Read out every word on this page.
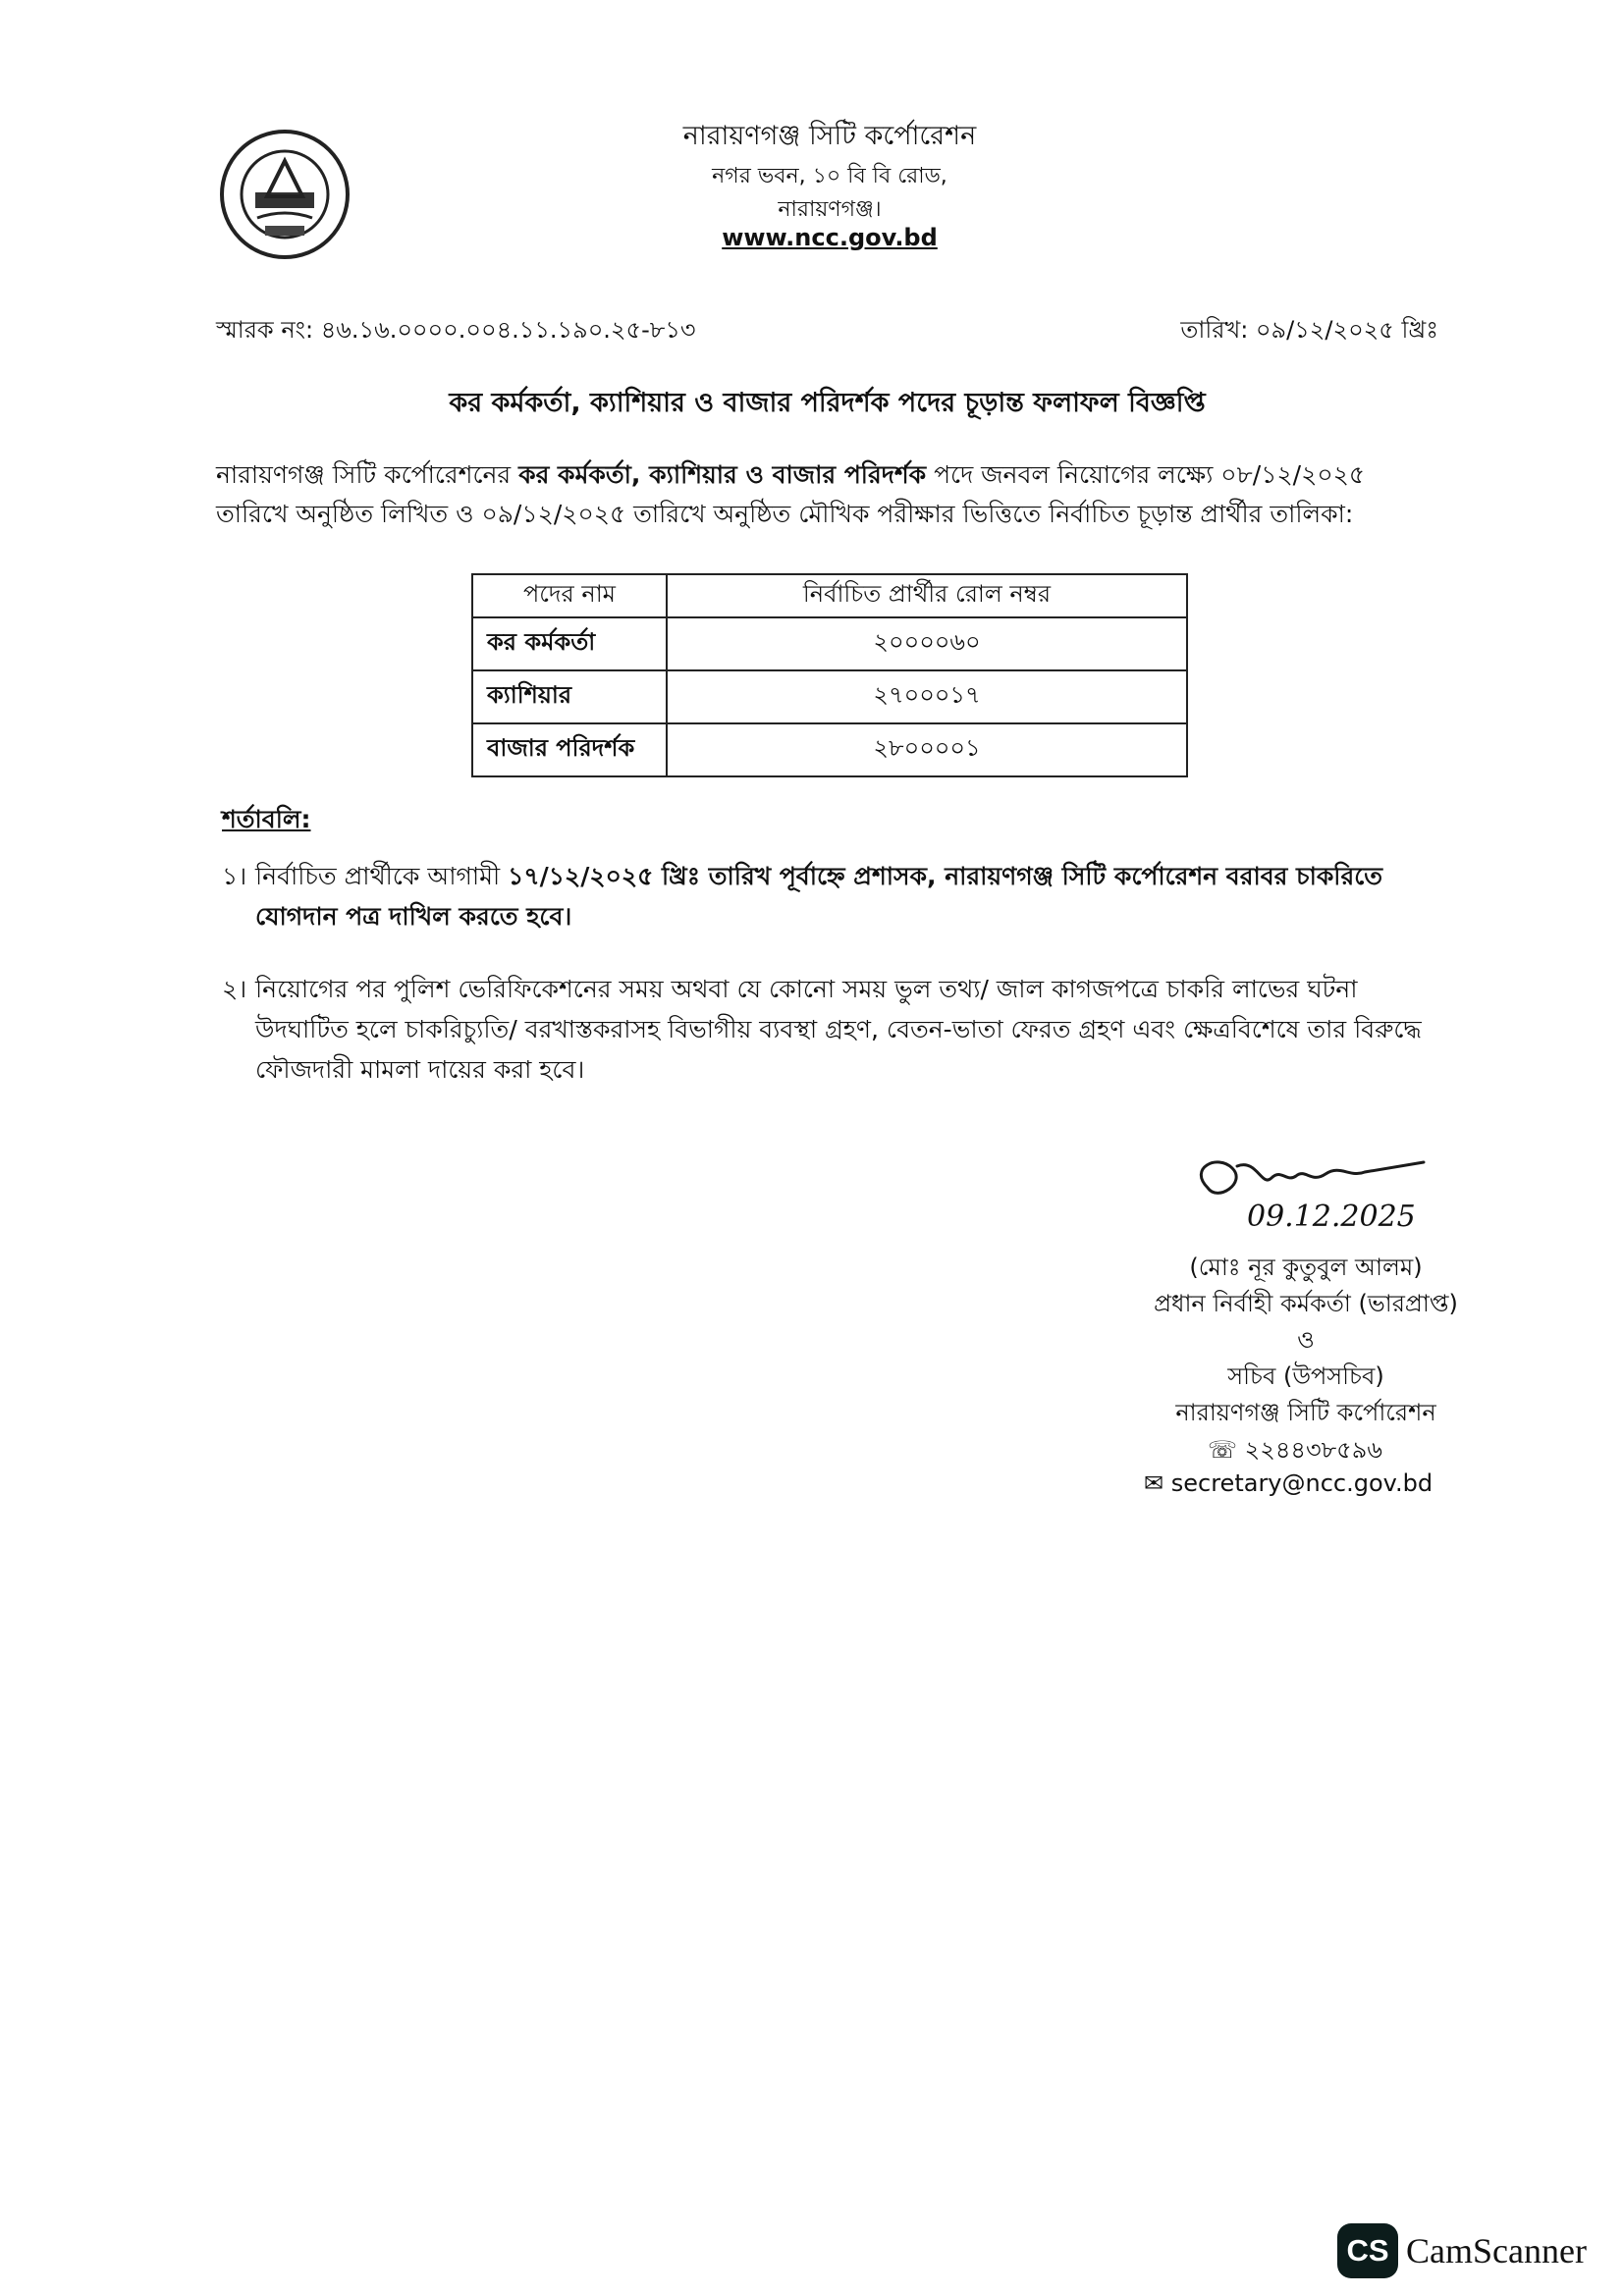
নারায়ণগঞ্জ সিটি কর্পোরেশন
নগর ভবন, ১০ বি বি রোড,
নারায়ণগঞ্জ।
www.ncc.gov.bd
স্মারক নং: ৪৬.১৬.০০০০.০০৪.১১.১৯০.২৫-৮১৩	তারিখ: ০৯/১২/২০২৫ খ্রিঃ
কর কর্মকর্তা, ক্যাশিয়ার ও বাজার পরিদর্শক পদের চূড়ান্ত ফলাফল বিজ্ঞপ্তি
নারায়ণগঞ্জ সিটি কর্পোরেশনের কর কর্মকর্তা, ক্যাশিয়ার ও বাজার পরিদর্শক পদে জনবল নিয়োগের লক্ষ্যে ০৮/১২/২০২৫ তারিখে অনুষ্ঠিত লিখিত ও ০৯/১২/২০২৫ তারিখে অনুষ্ঠিত মৌখিক পরীক্ষার ভিত্তিতে নির্বাচিত চূড়ান্ত প্রার্থীর তালিকা:
পদের নাম	নির্বাচিত প্রার্থীর রোল নম্বর
কর কর্মকর্তা	২০০০০৬০
ক্যাশিয়ার	২৭০০০১৭
বাজার পরিদর্শক	২৮০০০০১
শর্তাবলি:
১। নির্বাচিত প্রার্থীকে আগামী ১৭/১২/২০২৫ খ্রিঃ তারিখ পূর্বাহ্নে প্রশাসক, নারায়ণগঞ্জ সিটি কর্পোরেশন বরাবর চাকরিতে যোগদান পত্র দাখিল করতে হবে।
২। নিয়োগের পর পুলিশ ভেরিফিকেশনের সময় অথবা যে কোনো সময় ভুল তথ্য/ জাল কাগজপত্রে চাকরি লাভের ঘটনা উদঘাটিত হলে চাকরিচ্যুতি/ বরখাস্তকরাসহ বিভাগীয় ব্যবস্থা গ্রহণ, বেতন-ভাতা ফেরত গ্রহণ এবং ক্ষেত্রবিশেষে তার বিরুদ্ধে ফৌজদারী মামলা দায়ের করা হবে।
09.12.2025
(মোঃ নূর কুতুবুল আলম)
প্রধান নির্বাহী কর্মকর্তা (ভারপ্রাপ্ত)
ও
সচিব (উপসচিব)
নারায়ণগঞ্জ সিটি কর্পোরেশন
☏ ২২৪৪৩৮৫৯৬
✉ secretary@ncc.gov.bd
CS CamScanner
